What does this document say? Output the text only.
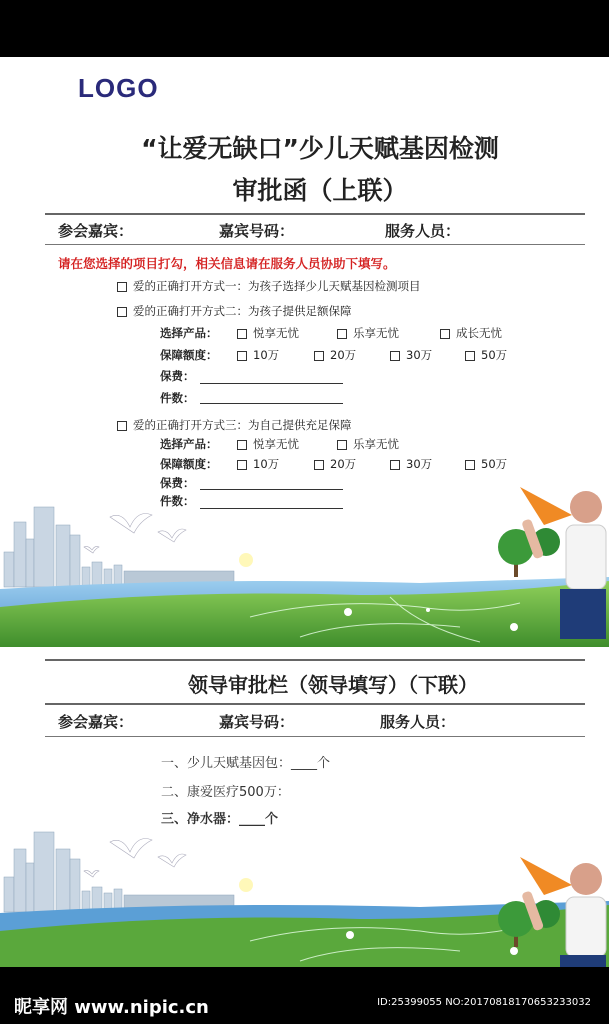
LOGO
“让爱无缺口”少儿天赋基因检测
审批函（上联）
参会嘉宾：	嘉宾号码：	服务人员：
请在您选择的项目打勾，相关信息请在服务人员协助下填写。
爱的正确打开方式一：为孩子选择少儿天赋基因检测项目
爱的正确打开方式二：为孩子提供足额保障
选择产品：	悦享无忧	乐享无忧	成长无忧
保障额度：	10万	20万	30万	50万
保费：
件数：
爱的正确打开方式三：为自己提供充足保障
选择产品：	悦享无忧	乐享无忧
保障额度：	10万	20万	30万	50万
保费：
件数：
领导审批栏（领导填写）（下联）
参会嘉宾：	嘉宾号码：	服务人员：
一、少儿天赋基因包：____个
二、康爱医疗500万：
三、净水器：____个
昵享网 www.nipic.cn	ID:25399055 NO:20170818170653233032
